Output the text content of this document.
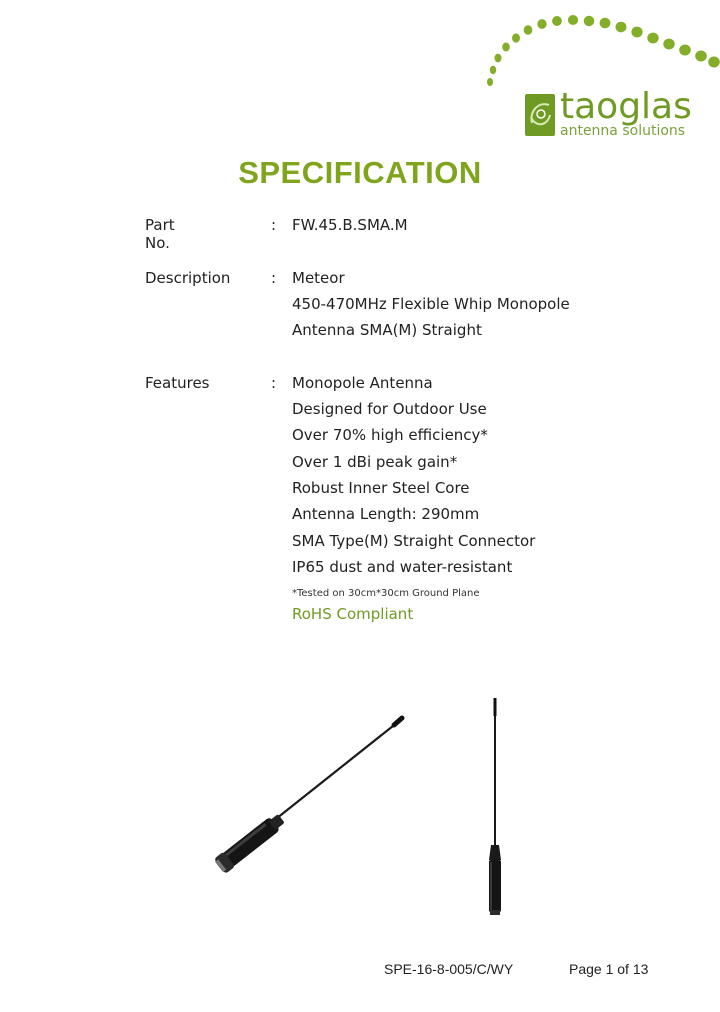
taoglas
antenna solutions
SPECIFICATION
Part No.
: FW.45.B.SMA.M
Description	: Meteor
450-470MHz Flexible Whip Monopole
Antenna SMA(M) Straight
Features	: Monopole Antenna
Designed for Outdoor Use
Over 70% high efficiency*
Over 1 dBi peak gain*
Robust Inner Steel Core
Antenna Length: 290mm
SMA Type(M) Straight Connector
IP65 dust and water-resistant
*Tested on 30cm*30cm Ground Plane
RoHS Compliant
SPE-16-8-005/C/WY	Page 1 of 13
